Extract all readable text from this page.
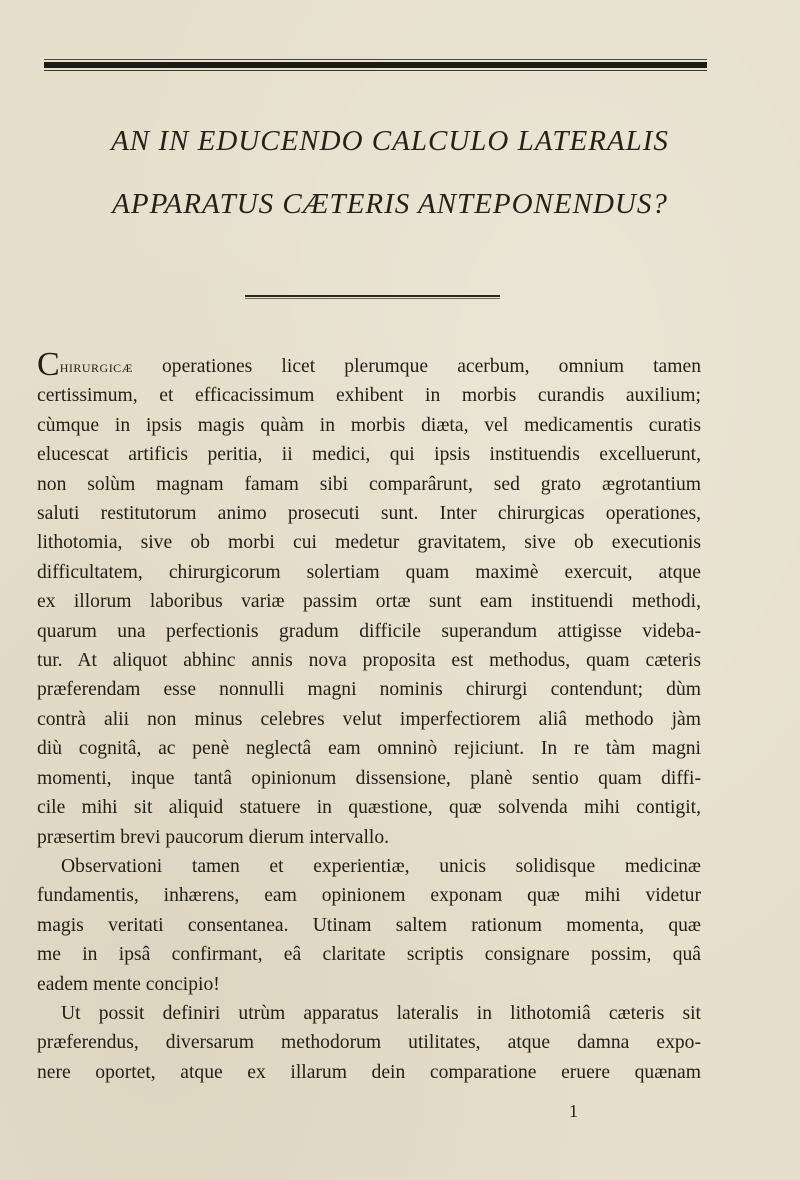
AN IN EDUCENDO CALCULO LATERALIS
APPARATUS CÆTERIS ANTEPONENDUS?
Chirurgicæ operationes licet plerumque acerbum, omnium tamen
certissimum, et efficacissimum exhibent in morbis curandis auxilium;
cùmque in ipsis magis quàm in morbis diæta, vel medicamentis curatis
elucescat artificis peritia, ii medici, qui ipsis instituendis excelluerunt,
non solùm magnam famam sibi comparârunt, sed grato ægrotantium
saluti restitutorum animo prosecuti sunt. Inter chirurgicas operationes,
lithotomia, sive ob morbi cui medetur gravitatem, sive ob executionis
difficultatem, chirurgicorum solertiam quam maximè exercuit, atque
ex illorum laboribus variæ passim ortæ sunt eam instituendi methodi,
quarum una perfectionis gradum difficile superandum attigisse videba-
tur. At aliquot abhinc annis nova proposita est methodus, quam cæteris
præferendam esse nonnulli magni nominis chirurgi contendunt; dùm
contrà alii non minus celebres velut imperfectiorem aliâ methodo jàm
diù cognitâ, ac penè neglectâ eam omninò rejiciunt. In re tàm magni
momenti, inque tantâ opinionum dissensione, planè sentio quam diffi-
cile mihi sit aliquid statuere in quæstione, quæ solvenda mihi contigit,
præsertim brevi paucorum dierum intervallo.
Observationi tamen et experientiæ, unicis solidisque medicinæ
fundamentis, inhærens, eam opinionem exponam quæ mihi videtur
magis veritati consentanea. Utinam saltem rationum momenta, quæ
me in ipsâ confirmant, eâ claritate scriptis consignare possim, quâ
eadem mente concipio!
Ut possit definiri utrùm apparatus lateralis in lithotomiâ cæteris sit
præferendus, diversarum methodorum utilitates, atque damna expo-
nere oportet, atque ex illarum dein comparatione eruere quænam
1
